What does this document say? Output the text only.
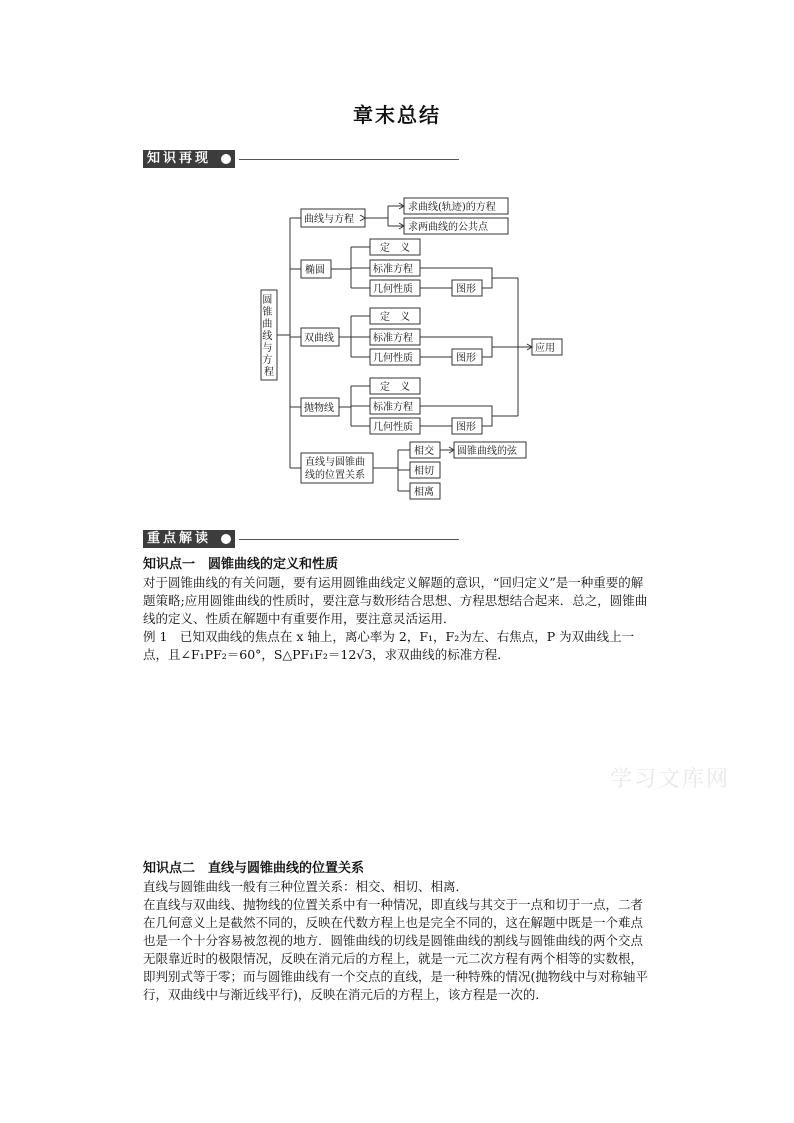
章末总结
知识再现
圆 锥 曲 线 与 方 程
曲线与方程
求曲线(轨迹)的方程
求两曲线的公共点
椭圆
定　义
标准方程
几何性质	图形
双曲线
定　义
标准方程
几何性质	图形
抛物线
定　义
标准方程
几何性质	图形
应用
直线与圆锥曲
线的位置关系
相交
相切
相离
圆锥曲线的弦
重点解读
知识点一　圆锥曲线的定义和性质

对于圆锥曲线的有关问题，要有运用圆锥曲线定义解题的意识，“回归定义”是一种重要的解题策略;应用圆锥曲线的性质时，要注意与数形结合思想、方程思想结合起来．总之，圆锥曲线的定义、性质在解题中有重要作用，要注意灵活运用．

例 1　已知双曲线的焦点在 x 轴上，离心率为 2，F₁，F₂为左、右焦点，P 为双曲线上一点，且∠F₁PF₂＝60°，S△PF₁F₂＝12√3，求双曲线的标准方程．

学习文库网
知识点二　直线与圆锥曲线的位置关系

直线与圆锥曲线一般有三种位置关系：相交、相切、相离．

在直线与双曲线、抛物线的位置关系中有一种情况，即直线与其交于一点和切于一点，二者在几何意义上是截然不同的，反映在代数方程上也是完全不同的，这在解题中既是一个难点也是一个十分容易被忽视的地方．圆锥曲线的切线是圆锥曲线的割线与圆锥曲线的两个交点无限靠近时的极限情况，反映在消元后的方程上，就是一元二次方程有两个相等的实数根，即判别式等于零；而与圆锥曲线有一个交点的直线，是一种特殊的情况(抛物线中与对称轴平行，双曲线中与渐近线平行)，反映在消元后的方程上，该方程是一次的．
